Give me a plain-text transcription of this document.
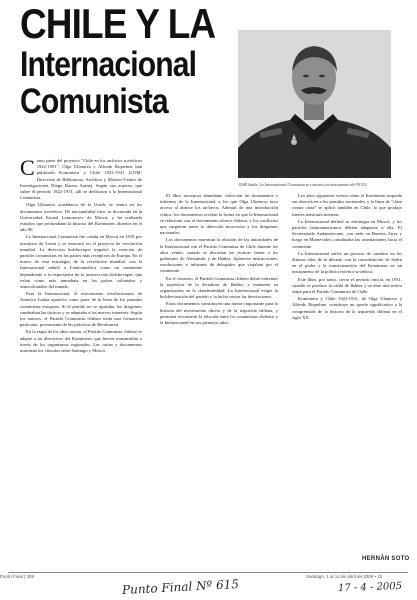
CHILE Y LA
Internacional
Comunista
JOSÉ Stalin. La Internacional Comunista se convirtió en instrumento del PCUS.

Como parte del proyecto "Chile en los archivos soviéticos 1922-1991", Olga Ulianova y Alfredo Riquelme han publicado Komintern y Chile 1922-1931 (LOM-Dirección de Bibliotecas, Archivos y Museos-Centro de Investigaciones Diego Barros Arana). Según sus autores, que cubre el período 1922-1931, allí se dedicaron a la Internacional Comunista.

Olga Ulianova, académica de la Usach, se centra en los documentos soviéticos. De nacionalidad rusa, es doctorada en la Universidad Estatal Lomonosov de Moscú, y ha realizado estudios que profundizan la historia del Komintern, abiertos en el año 90.

La Internacional Comunista fue creada en Moscú en 1919 por iniciativa de Lenin y se entroncó en el proyecto de revolución mundial. La dirección bolchevique impulsó la creación de partidos comunistas en los países más receptivos de Europa. En el marco de esta estrategia, de la revolución mundial, con la Internacional señaló a Latinoamérica como un continente dependiente a la expectativa de la insurrección bolchevique, que veían como más inmediata en los países coloniales y semicoloniales del mundo.

Para la Internacional, el movimiento revolucionario de América Latina aparecía como parte de la línea de los partidos comunistas europeos. Si el partido no se ajustaba, los dirigentes cambiaban las tácticas y se adaptaba a los nuevos intereses. Según los autores, el Partido Comunista chileno tenía una formación particular, proveniente de las prácticas de Recabarren.

En la etapa de los años treinta, el Partido Comunista chileno se adaptó a las directrices del Komintern, que fueron transmitidas a través de los organismos regionales. Las cartas y documentos muestran los vínculos entre Santiago y Moscú.

El libro incorpora abundante colección de documentos e informes de la Internacional, a los que Olga Ulianova tuvo acceso al abrirse los archivos. Además de una introducción crítica, los documentos revelan la forma en que la Internacional se relacionó con el movimiento obrero chileno, y los conflictos que surgieron entre la dirección moscovita y los dirigentes nacionales.

Los documentos muestran la relación de las autoridades de la Internacional con el Partido Comunista de Chile durante los años veinte, cuando se discutían las tácticas frente a los gobiernos de Alessandri y de Ibáñez. Aparecen instrucciones, resoluciones e informes de delegados que viajaban por el continente.

En el contexto, el Partido Comunista chileno debió enfrentar la represión de la dictadura de Ibáñez, y mantener su organización en la clandestinidad. La Internacional exigía la bolchevización del partido y la lucha contra las desviaciones.

Estos documentos constituyen una fuente importante para la historia del movimiento obrero y de la izquierda chilena, y permiten reconstruir la relación entre los comunistas chilenos y la Internacional en sus primeros años.

Los años siguientes vieron cómo el Komintern imponía sus directrices a los partidos nacionales, y la línea de "clase contra clase" se aplicó también en Chile, lo que produjo fuertes tensiones internas.

La Internacional definía su estrategia en Moscú, y los partidos latinoamericanos debían adaptarse a ella. El Secretariado Sudamericano, con sede en Buenos Aires y luego en Montevideo, canalizaba las orientaciones hacia el continente.

La Internacional sufrió un proceso de cambios en los últimos años de la década, con la consolidación de Stalin en el poder y la transformación del Komintern en un instrumento de la política exterior soviética.

Este libro, por tanto, cierra el período inicial, en 1931, cuando se produce la caída de Ibáñez y se abre una nueva etapa para el Partido Comunista de Chile.

Komintern y Chile 1922-1931, de Olga Ulianova y Alfredo Riquelme, constituye un aporte significativo a la comprensión de la historia de la izquierda chilena en el siglo XX.

HERNÁN SOTO
Punto Final | 308	Santiago, 1 al 14 de abril de 2005 • 15
Punto Final Nº 615	17 - 4 - 2005
